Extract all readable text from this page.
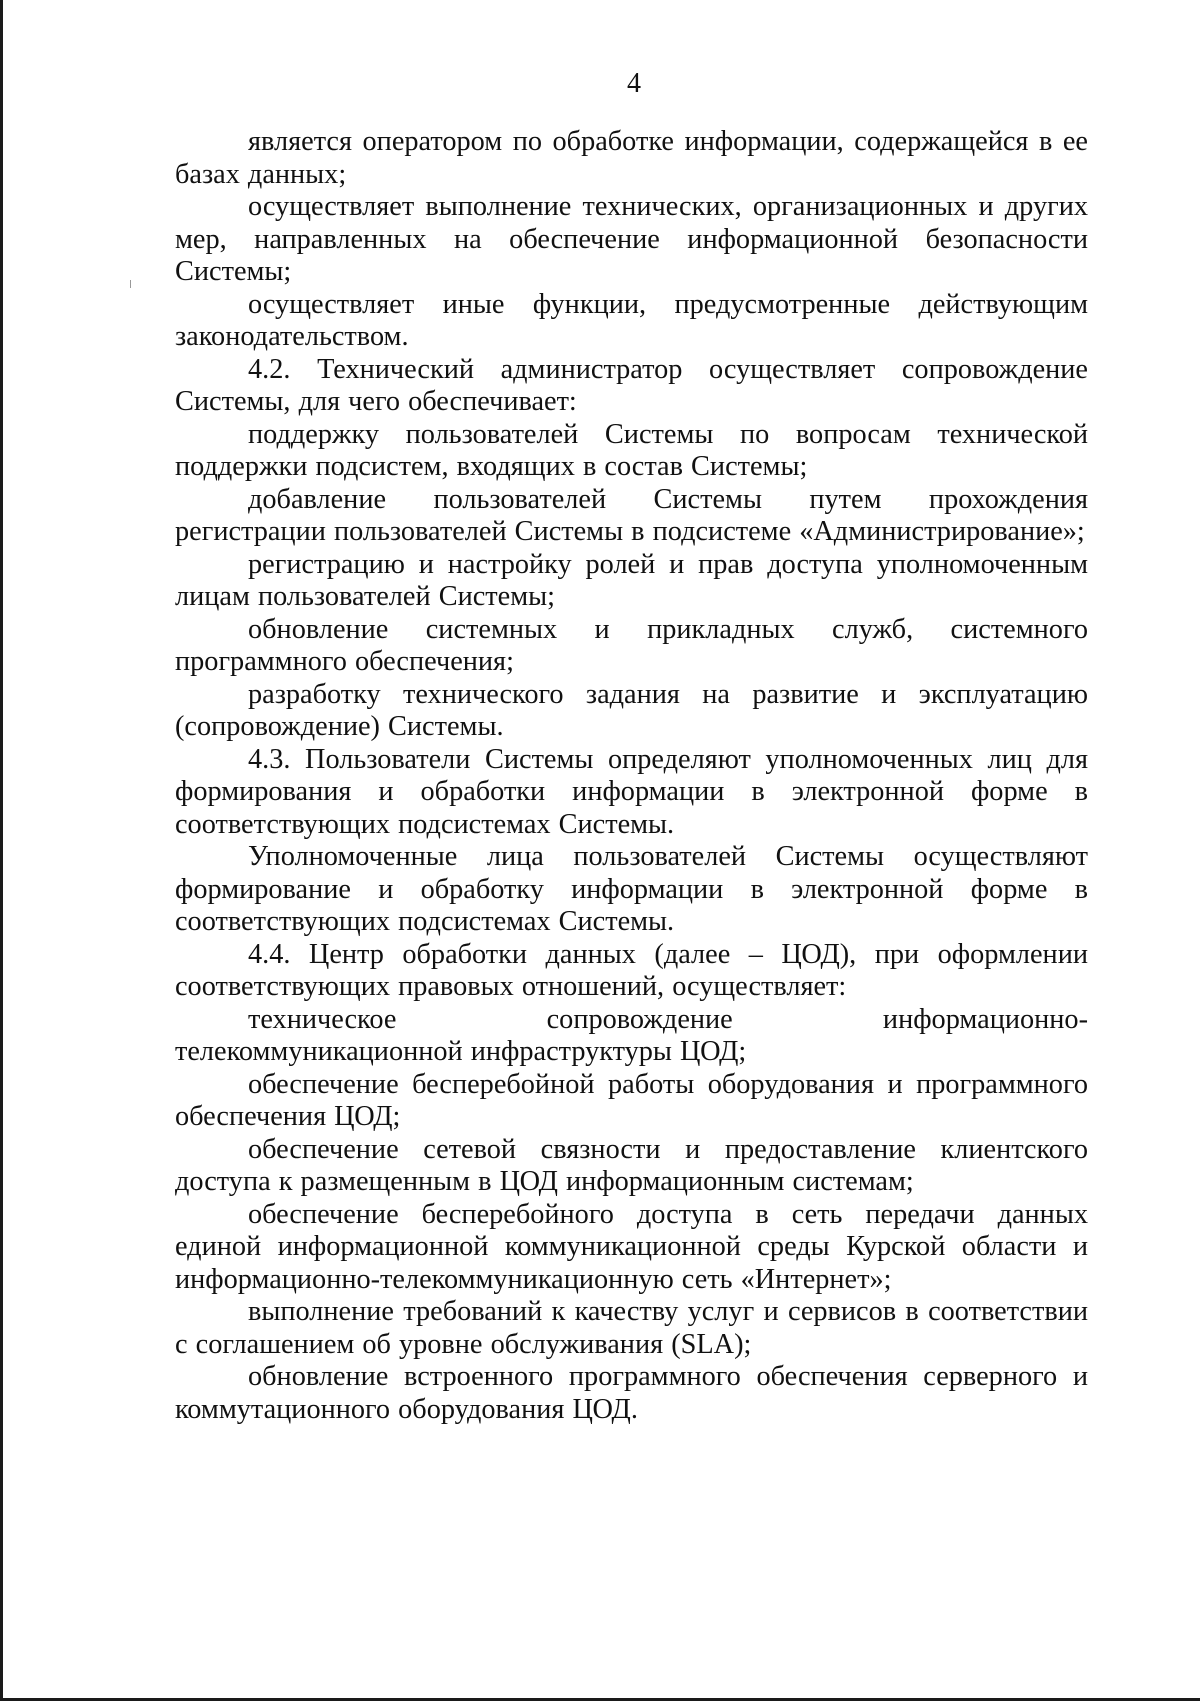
4

является оператором по обработке информации, содержащейся в ее базах данных;

осуществляет выполнение технических, организационных и других мер, направленных на обеспечение информационной безопасности Системы;

осуществляет иные функции, предусмотренные действующим законодательством.

4.2. Технический администратор осуществляет сопровождение Системы, для чего обеспечивает:

поддержку пользователей Системы по вопросам технической поддержки подсистем, входящих в состав Системы;

добавление пользователей Системы путем прохождения регистрации пользователей Системы в подсистеме «Администрирование»;

регистрацию и настройку ролей и прав доступа уполномоченным лицам пользователей Системы;

обновление системных и прикладных служб, системного программного обеспечения;

разработку технического задания на развитие и эксплуатацию (сопровождение) Системы.

4.3. Пользователи Системы определяют уполномоченных лиц для формирования и обработки информации в электронной форме в соответствующих подсистемах Системы.

Уполномоченные лица пользователей Системы осуществляют формирование и обработку информации в электронной форме в соответствующих подсистемах Системы.

4.4. Центр обработки данных (далее – ЦОД), при оформлении соответствующих правовых отношений, осуществляет:

техническое сопровождение информационно-телекоммуникационной инфраструктуры ЦОД;

обеспечение бесперебойной работы оборудования и программного обеспечения ЦОД;

обеспечение сетевой связности и предоставление клиентского доступа к размещенным в ЦОД информационным системам;

обеспечение бесперебойного доступа в сеть передачи данных единой информационной коммуникационной среды Курской области и информационно-телекоммуникационную сеть «Интернет»;

выполнение требований к качеству услуг и сервисов в соответствии с соглашением об уровне обслуживания (SLA);

обновление встроенного программного обеспечения серверного и коммутационного оборудования ЦОД.
